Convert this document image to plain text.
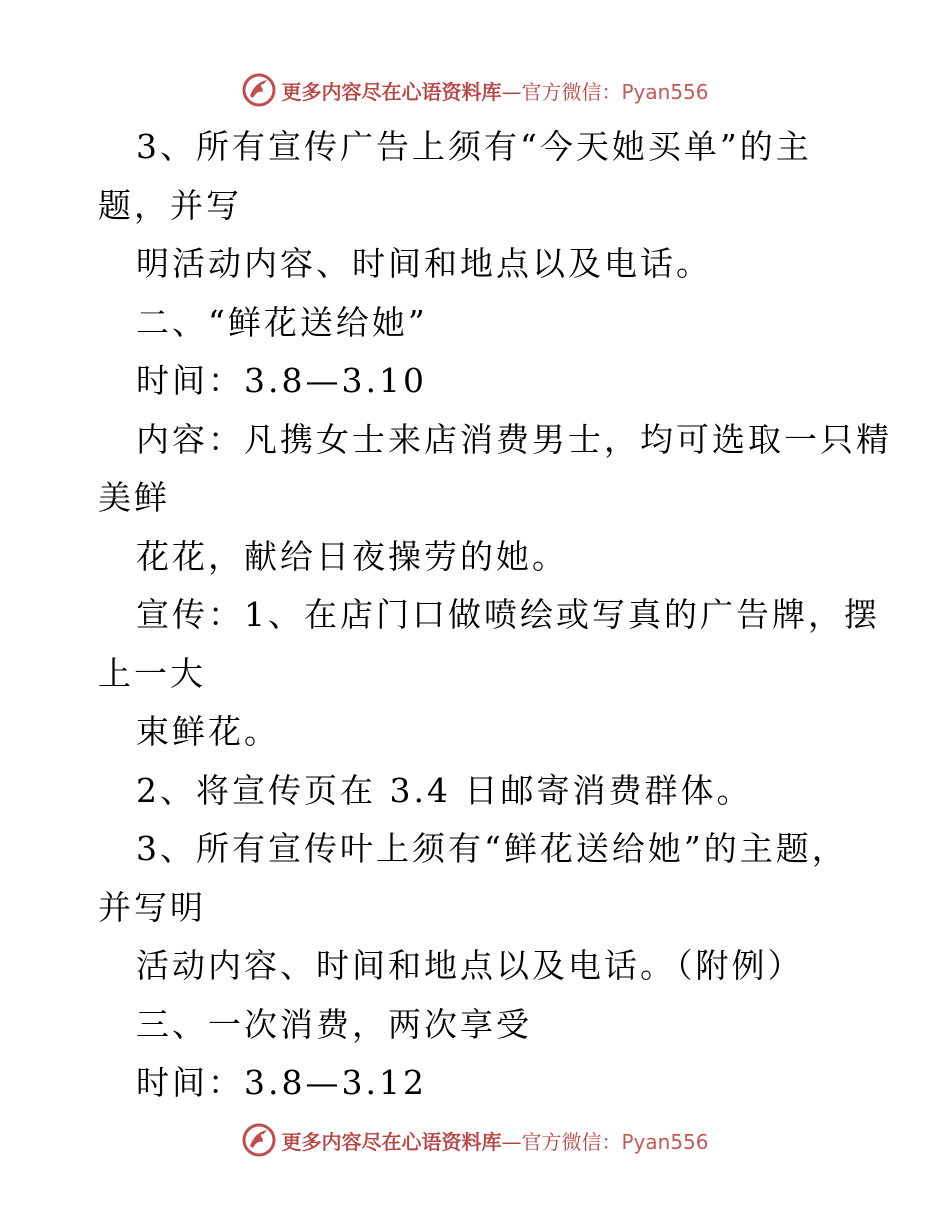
更多内容尽在心语资料库—官方微信：Pyan556
3、所有宣传广告上须有“今天她买单”的主
题，并写
明活动内容、时间和地点以及电话。
二、“鲜花送给她”
时间：3.8—3.10
内容：凡携女士来店消费男士，均可选取一只精
美鲜
花花，献给日夜操劳的她。
宣传：1、在店门口做喷绘或写真的广告牌，摆
上一大
束鲜花。
2、将宣传页在 3.4 日邮寄消费群体。
3、所有宣传叶上须有“鲜花送给她”的主题，
并写明
活动内容、时间和地点以及电话。（附例）
三、一次消费，两次享受
时间：3.8—3.12
更多内容尽在心语资料库—官方微信：Pyan556
